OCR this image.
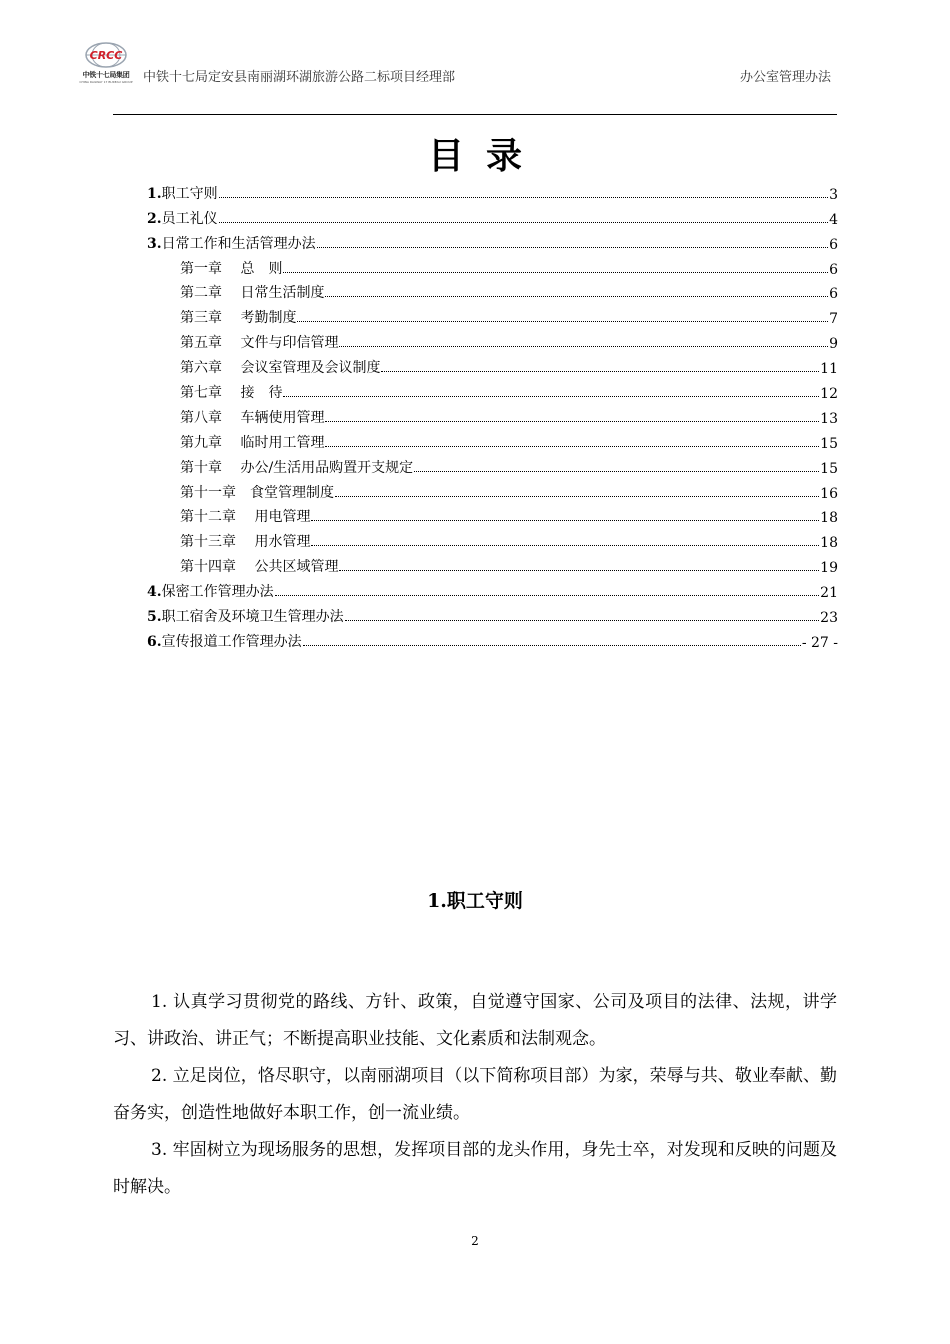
CRCC
中铁十七局集团
CHINA RAILWAY 17 BUREAU GROUP 中铁十七局定安县南丽湖环湖旅游公路二标项目经理部	办公室管理办法
目录
1.职工守则	3
2.员工礼仪	4
3.日常工作和生活管理办法	6
第一章　 总　则	6
第二章　 日常生活制度	6
第三章　 考勤制度	7
第五章　 文件与印信管理	9
第六章　 会议室管理及会议制度	11
第七章　 接　待	12
第八章　 车辆使用管理	13
第九章　 临时用工管理	15
第十章　 办公/生活用品购置开支规定	15
第十一章　食堂管理制度	16
第十二章　 用电管理	18
第十三章　 用水管理	18
第十四章　 公共区域管理	19
4.保密工作管理办法	21
5.职工宿舍及环境卫生管理办法	23
6.宣传报道工作管理办法	- 27 -
1.职工守则

1. 认真学习贯彻党的路线、方针、政策，自觉遵守国家、公司及项目的法律、法规，讲学习、讲政治、讲正气；不断提高职业技能、文化素质和法制观念。

2. 立足岗位，恪尽职守，以南丽湖项目（以下简称项目部）为家，荣辱与共、敬业奉献、勤奋务实，创造性地做好本职工作，创一流业绩。

3. 牢固树立为现场服务的思想，发挥项目部的龙头作用，身先士卒，对发现和反映的问题及时解决。

2
